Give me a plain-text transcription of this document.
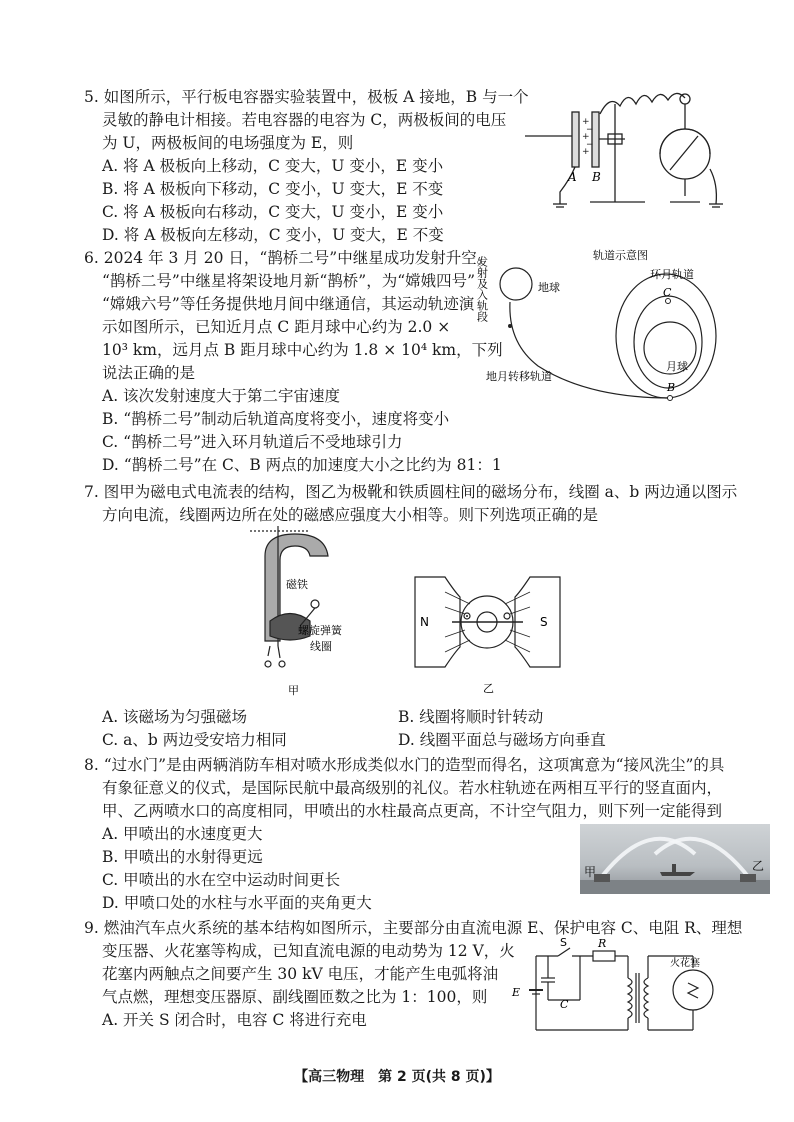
5. 如图所示，平行板电容器实验装置中，极板 A 接地，B 与一个
灵敏的静电计相接。若电容器的电容为 C，两极板间的电压
为 U，两极板间的电场强度为 E，则
A. 将 A 极板向上移动，C 变大，U 变小，E 变小
B. 将 A 极板向下移动，C 变小，U 变大，E 不变
C. 将 A 极板向右移动，C 变大，U 变小，E 变小
D. 将 A 极板向左移动，C 变小，U 变大，E 不变
+
+
+
−
−
A B
6. 2024 年 3 月 20 日，“鹊桥二号”中继星成功发射升空。
“鹊桥二号”中继星将架设地月新“鹊桥”，为“嫦娥四号”
“嫦娥六号”等任务提供地月间中继通信，其运动轨迹演
示如图所示，已知近月点 C 距月球中心约为 2.0 ×
10³ km，远月点 B 距月球中心约为 1.8 × 10⁴ km，下列
说法正确的是
A. 该次发射速度大于第二宇宙速度
B. “鹊桥二号”制动后轨道高度将变小，速度将变小
C. “鹊桥二号”进入环月轨道后不受地球引力
D. “鹊桥二号”在 C、B 两点的加速度大小之比约为 81：1
轨道示意图
地球
环月轨道
C
月球
B
地月转移轨道
发射及入轨段
7. 图甲为磁电式电流表的结构，图乙为极靴和铁质圆柱间的磁场分布，线圈 a、b 两边通以图示
方向电流，线圈两边所在处的磁感应强度大小相等。则下列选项正确的是
磁铁
螺旋弹簧
线圈
甲
N	S
乙
A. 该磁场为匀强磁场	B. 线圈将顺时针转动
C. a、b 两边受安培力相同	D. 线圈平面总与磁场方向垂直
8. “过水门”是由两辆消防车相对喷水形成类似水门的造型而得名，这项寓意为“接风洗尘”的具
有象征意义的仪式，是国际民航中最高级别的礼仪。若水柱轨迹在两相互平行的竖直面内，
甲、乙两喷水口的高度相同，甲喷出的水柱最高点更高，不计空气阻力，则下列一定能得到
A. 甲喷出的水速度更大
B. 甲喷出的水射得更远
C. 甲喷出的水在空中运动时间更长
D. 甲喷口处的水柱与水平面的夹角更大
甲	乙
9. 燃油汽车点火系统的基本结构如图所示，主要部分由直流电源 E、保护电容 C、电阻 R、理想
变压器、火花塞等构成，已知直流电源的电动势为 12 V，火
花塞内两触点之间要产生 30 kV 电压，才能产生电弧将油
气点燃，理想变压器原、副线圈匝数之比为 1：100，则
A. 开关 S 闭合时，电容 C 将进行充电
S	R
E
C
火花塞
【高三物理　第 2 页(共 8 页)】
